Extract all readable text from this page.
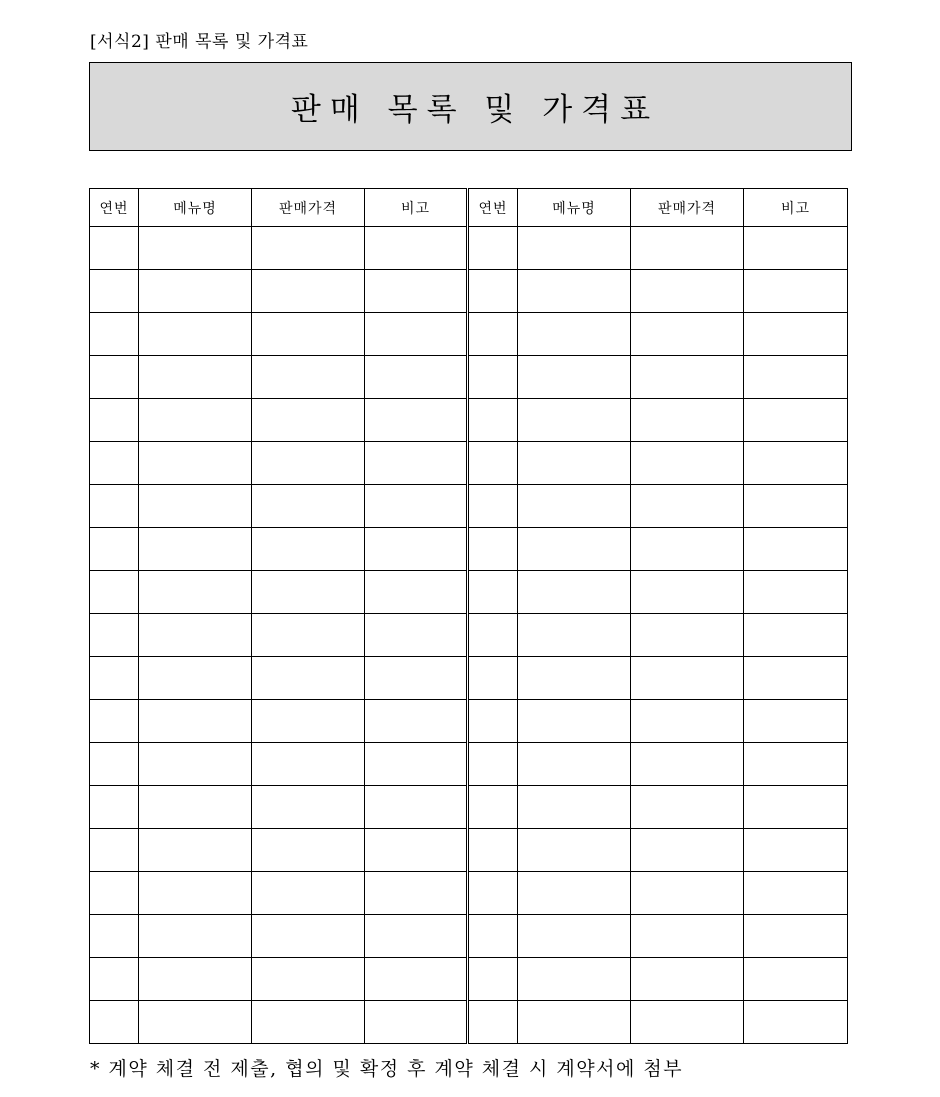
[서식2] 판매 목록 및 가격표
판매 목록 및 가격표
연번	메뉴명	판매가격	비고	연번	메뉴명	판매가격	비고

* 계약 체결 전 제출, 협의 및 확정 후 계약 체결 시 계약서에 첨부
